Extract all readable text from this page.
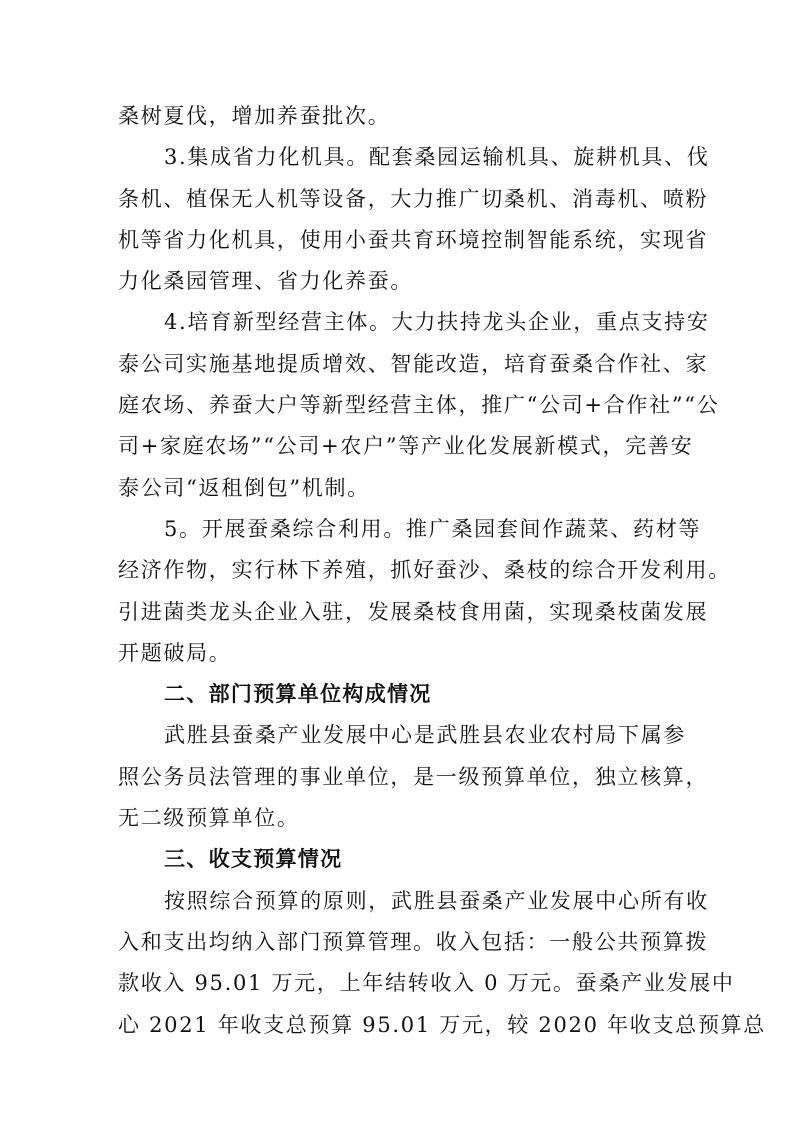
桑树夏伐，增加养蚕批次。
3.集成省力化机具。配套桑园运输机具、旋耕机具、伐
条机、植保无人机等设备，大力推广切桑机、消毒机、喷粉
机等省力化机具，使用小蚕共育环境控制智能系统，实现省
力化桑园管理、省力化养蚕。
4.培育新型经营主体。大力扶持龙头企业，重点支持安
泰公司实施基地提质增效、智能改造，培育蚕桑合作社、家
庭农场、养蚕大户等新型经营主体，推广“公司+合作社”“公
司+家庭农场”“公司+农户”等产业化发展新模式，完善安
泰公司“返租倒包”机制。
5。开展蚕桑综合利用。推广桑园套间作蔬菜、药材等
经济作物，实行林下养殖，抓好蚕沙、桑枝的综合开发利用。
引进菌类龙头企业入驻，发展桑枝食用菌，实现桑枝菌发展
开题破局。
二、部门预算单位构成情况
武胜县蚕桑产业发展中心是武胜县农业农村局下属参
照公务员法管理的事业单位，是一级预算单位，独立核算，
无二级预算单位。
三、收支预算情况
按照综合预算的原则，武胜县蚕桑产业发展中心所有收
入和支出均纳入部门预算管理。收入包括：一般公共预算拨
款收入 95.01 万元，上年结转收入 0 万元。蚕桑产业发展中
心 2021 年收支总预算 95.01 万元，较 2020 年收支总预算总
